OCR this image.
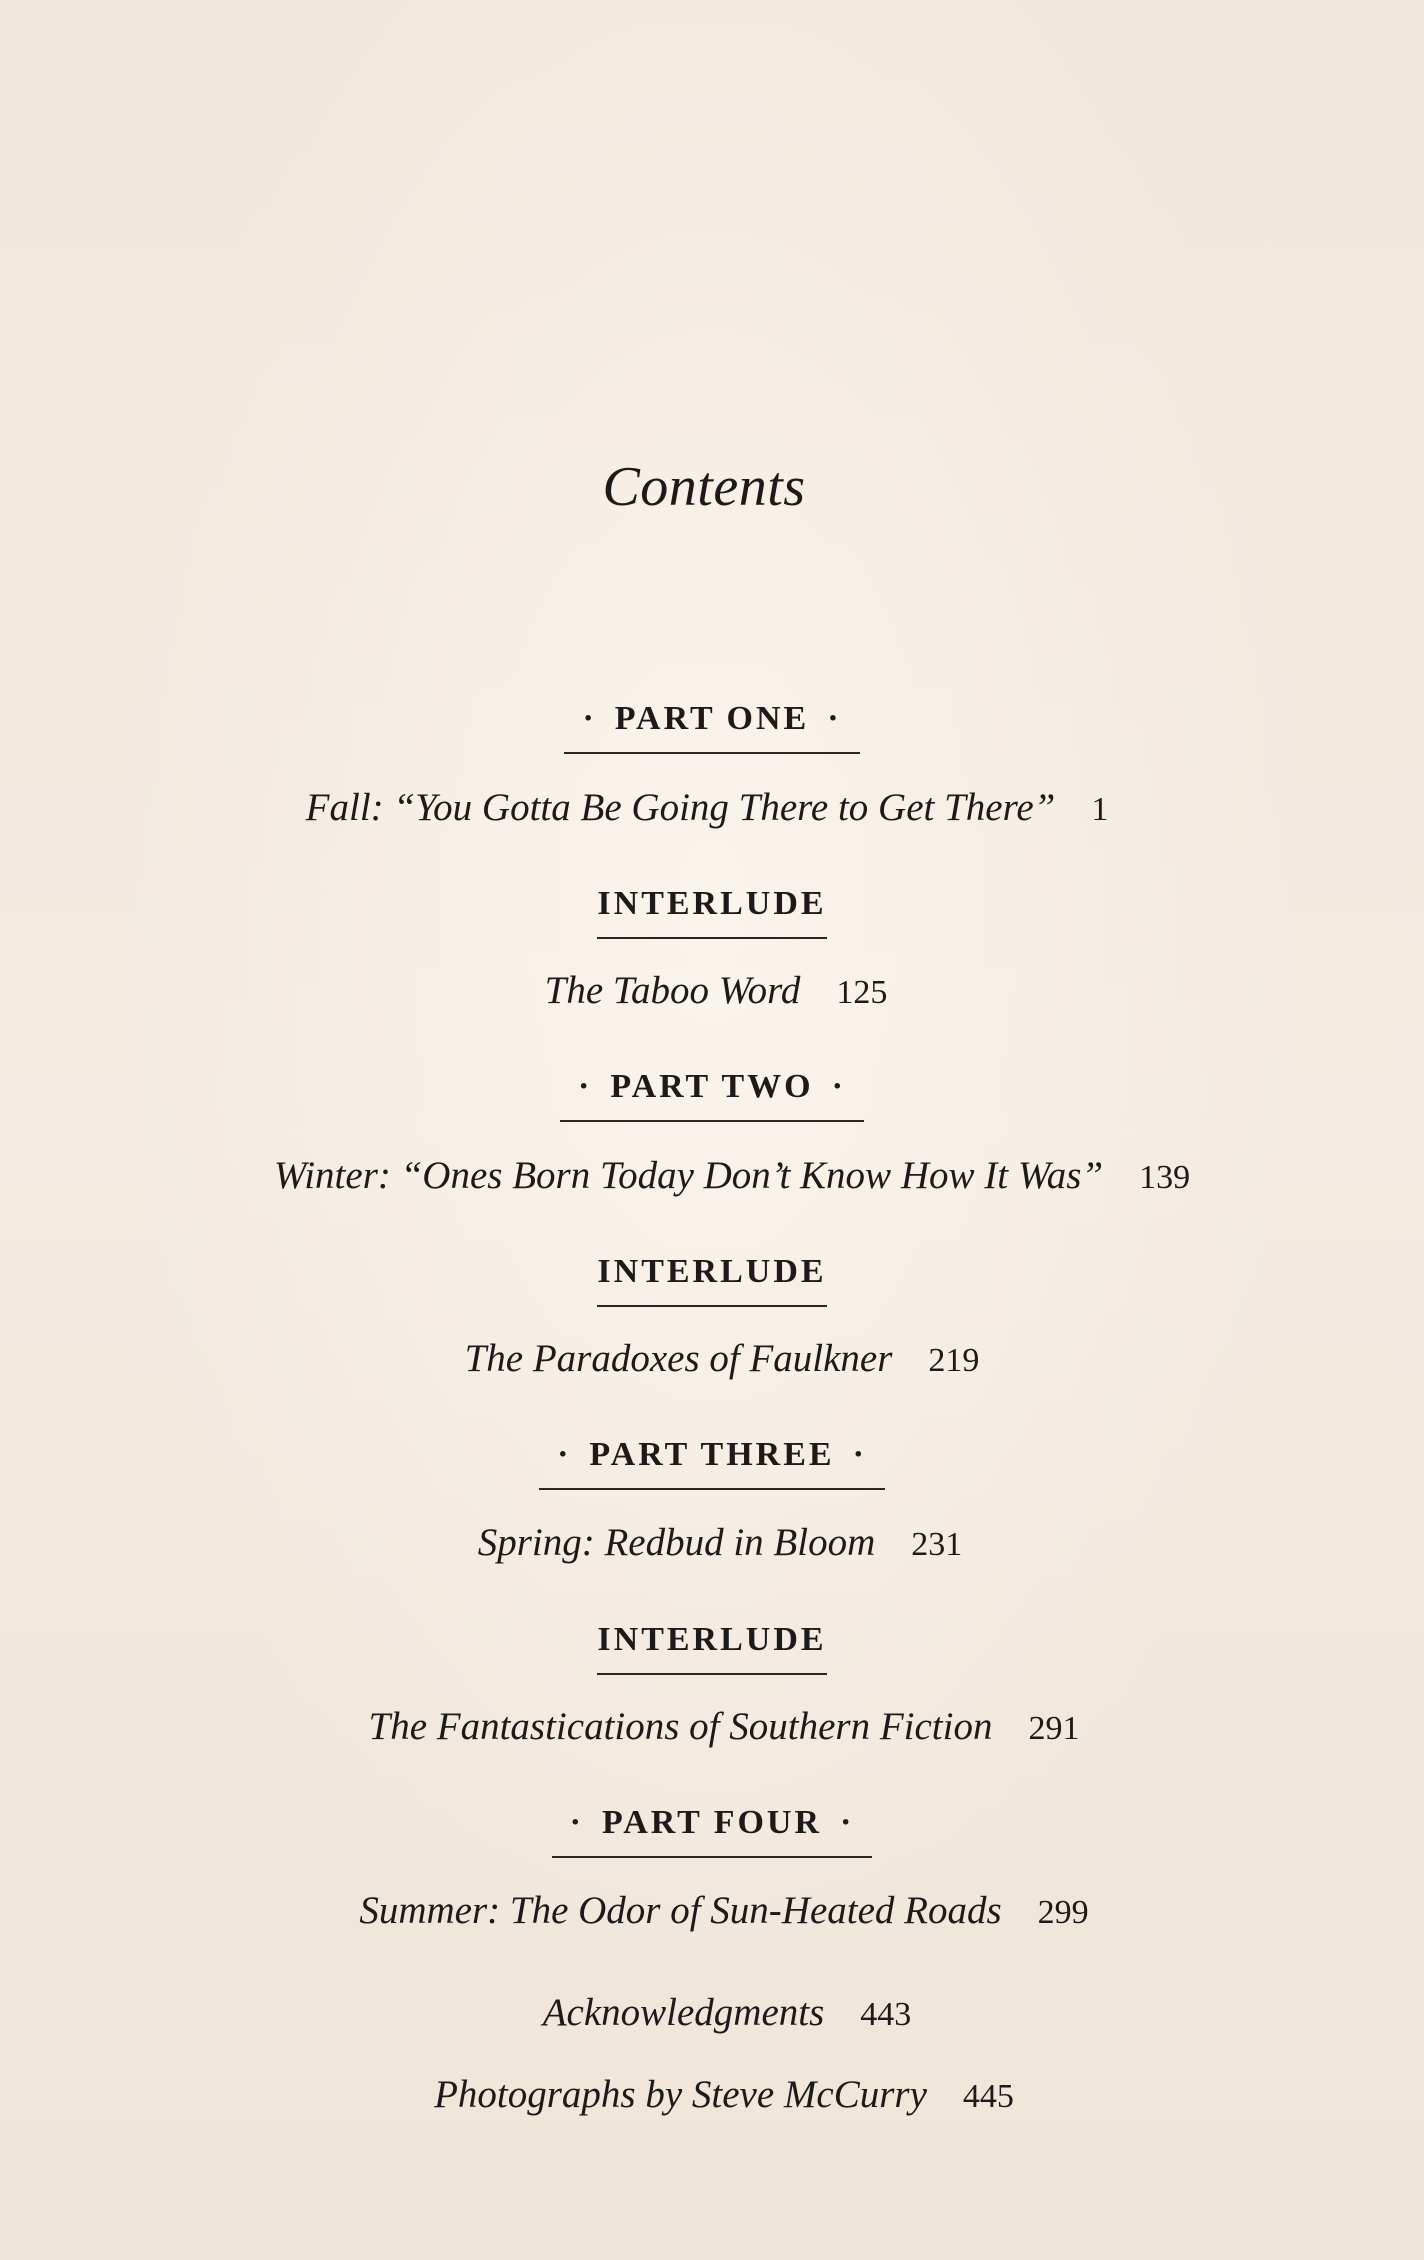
Contents
· PART ONE ·
Fall: “You Gotta Be Going There to Get There” 1
INTERLUDE
The Taboo Word 125
· PART TWO ·
Winter: “Ones Born Today Don’t Know How It Was” 139
INTERLUDE
The Paradoxes of Faulkner 219
· PART THREE ·
Spring: Redbud in Bloom 231
INTERLUDE
The Fantastications of Southern Fiction 291
· PART FOUR ·
Summer: The Odor of Sun-Heated Roads 299
Acknowledgments 443
Photographs by Steve McCurry 445
